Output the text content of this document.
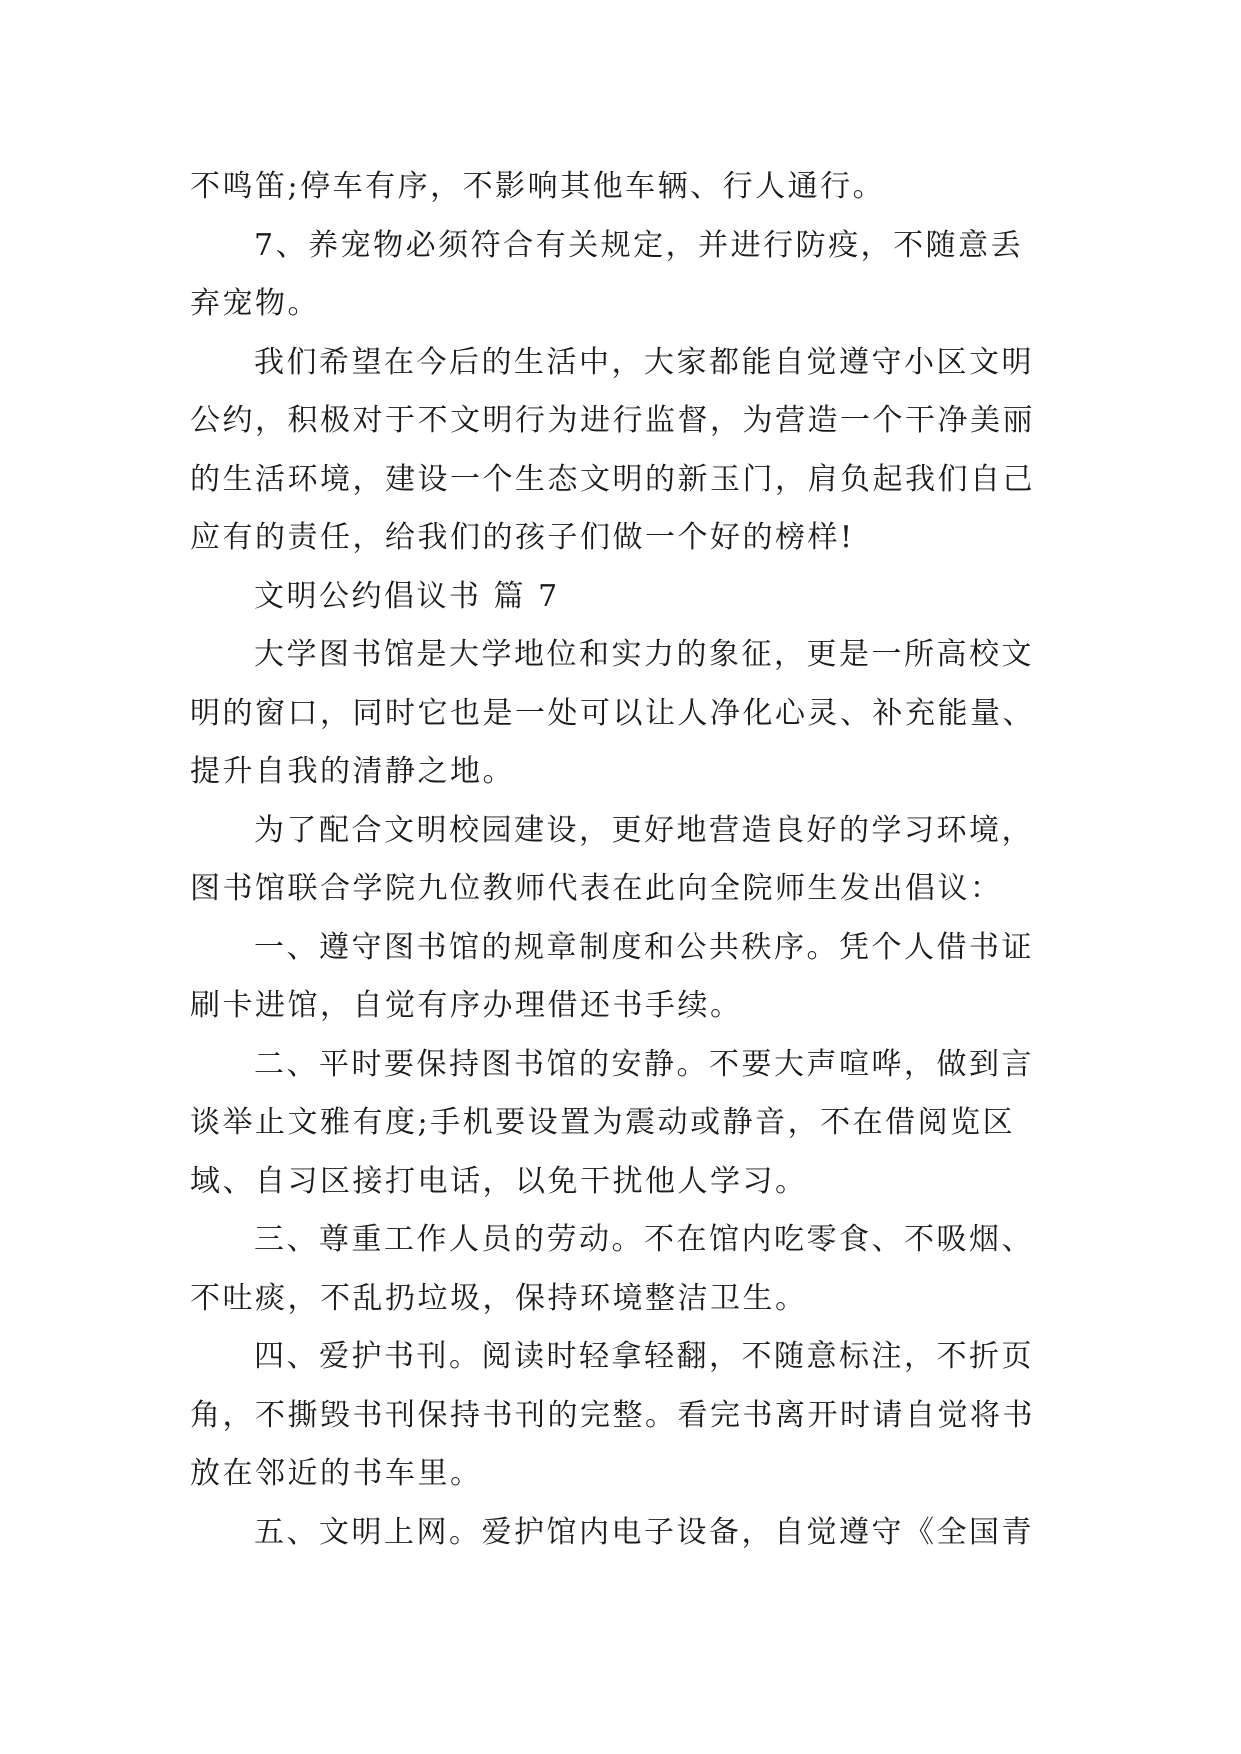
不鸣笛;停车有序，不影响其他车辆、行人通行。
7、养宠物必须符合有关规定，并进行防疫，不随意丢
弃宠物。
我们希望在今后的生活中，大家都能自觉遵守小区文明
公约，积极对于不文明行为进行监督，为营造一个干净美丽
的生活环境，建设一个生态文明的新玉门，肩负起我们自己
应有的责任，给我们的孩子们做一个好的榜样!
文明公约倡议书 篇 7
大学图书馆是大学地位和实力的象征，更是一所高校文
明的窗口，同时它也是一处可以让人净化心灵、补充能量、
提升自我的清静之地。
为了配合文明校园建设，更好地营造良好的学习环境，
图书馆联合学院九位教师代表在此向全院师生发出倡议：
一、遵守图书馆的规章制度和公共秩序。凭个人借书证
刷卡进馆，自觉有序办理借还书手续。
二、平时要保持图书馆的安静。不要大声喧哗，做到言
谈举止文雅有度;手机要设置为震动或静音，不在借阅览区
域、自习区接打电话，以免干扰他人学习。
三、尊重工作人员的劳动。不在馆内吃零食、不吸烟、
不吐痰，不乱扔垃圾，保持环境整洁卫生。
四、爱护书刊。阅读时轻拿轻翻，不随意标注，不折页
角，不撕毁书刊保持书刊的完整。看完书离开时请自觉将书
放在邻近的书车里。
五、文明上网。爱护馆内电子设备，自觉遵守《全国青
